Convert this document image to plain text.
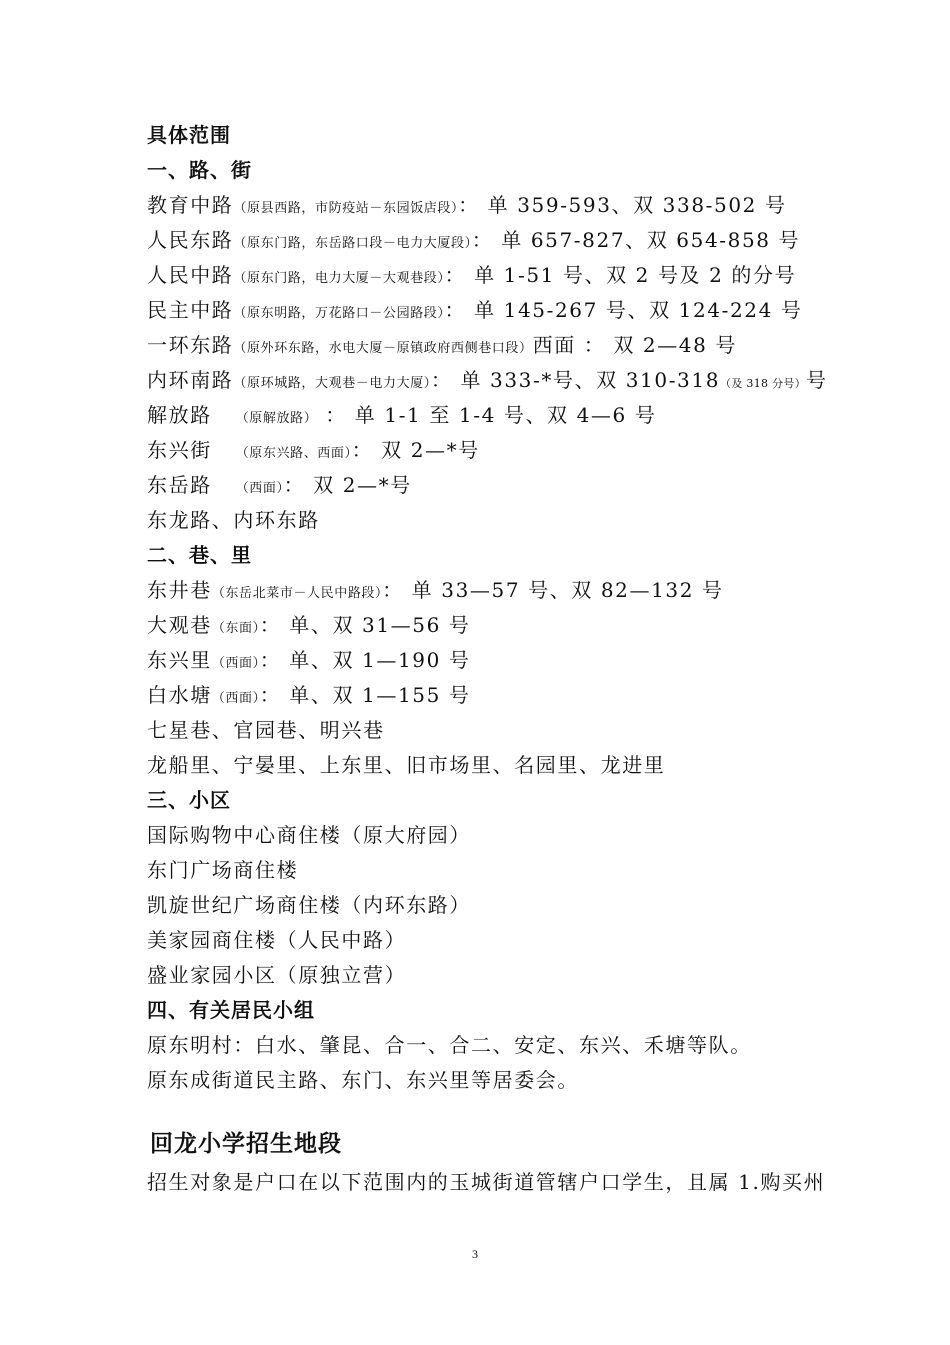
具体范围
一、路、街
教育中路（原县西路，市防疫站－东园饭店段）： 单 359-593、双 338-502 号
人民东路（原东门路，东岳路口段－电力大厦段）： 单 657-827、双 654-858 号
人民中路（原东门路，电力大厦－大观巷段）： 单 1-51 号、双 2 号及 2 的分号
民主中路（原东明路，万花路口－公园路段）： 单 145-267 号、双 124-224 号
一环东路（原外环东路，水电大厦－原镇政府西侧巷口段）西面 ： 双 2—48 号
内环南路（原环城路，大观巷－电力大厦）： 单 333-*号、双 310-318（及 318 分号）号
解放路   （原解放路） ： 单 1-1 至 1-4 号、双 4—6 号
东兴街   （原东兴路、西面）： 双 2—*号
东岳路   （西面）： 双 2—*号
东龙路、内环东路
二、巷、里
东井巷（东岳北菜市－人民中路段）： 单 33—57 号、双 82—132 号
大观巷（东面）： 单、双 31—56 号
东兴里（西面）： 单、双 1—190 号
白水塘（西面）： 单、双 1—155 号
七星巷、官园巷、明兴巷
龙船里、宁晏里、上东里、旧市场里、名园里、龙进里
三、小区
国际购物中心商住楼（原大府园）
东门广场商住楼
凯旋世纪广场商住楼（内环东路）
美家园商住楼（人民中路）
盛业家园小区（原独立营）
四、有关居民小组
原东明村：白水、肇昆、合一、合二、安定、东兴、禾塘等队。
原东成街道民主路、东门、东兴里等居委会。
回龙小学招生地段
招生对象是户口在以下范围内的玉城街道管辖户口学生，且属 1.购买州
3
